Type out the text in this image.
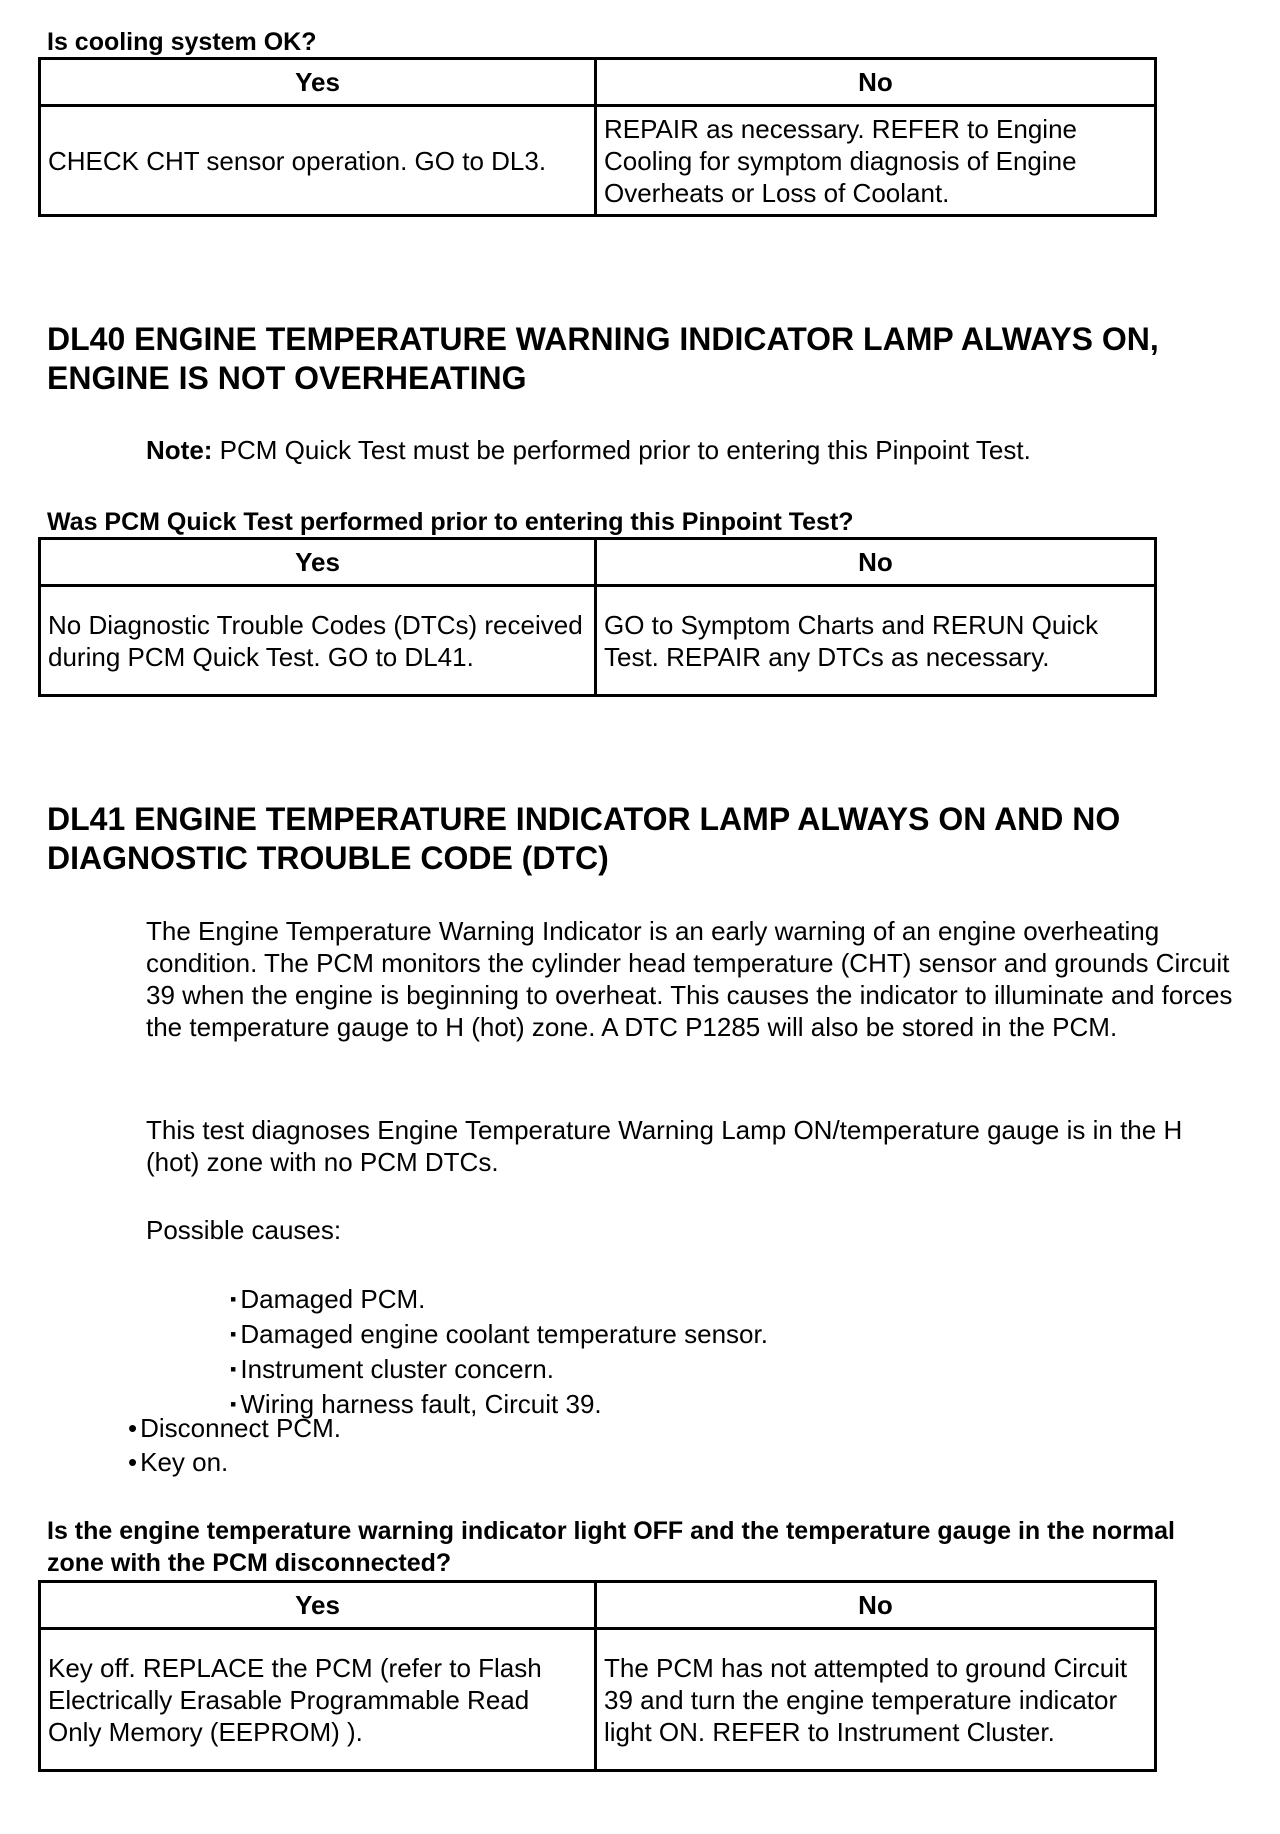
Is cooling system OK?
Yes	No
CHECK CHT sensor operation. GO to DL3.	REPAIR as necessary. REFER to Engine Cooling for symptom diagnosis of Engine Overheats or Loss of Coolant.
DL40 ENGINE TEMPERATURE WARNING INDICATOR LAMP ALWAYS ON, ENGINE IS NOT OVERHEATING
Note: PCM Quick Test must be performed prior to entering this Pinpoint Test.
Was PCM Quick Test performed prior to entering this Pinpoint Test?
Yes	No
No Diagnostic Trouble Codes (DTCs) received during PCM Quick Test. GO to DL41.	GO to Symptom Charts and RERUN Quick Test. REPAIR any DTCs as necessary.
DL41 ENGINE TEMPERATURE INDICATOR LAMP ALWAYS ON AND NO DIAGNOSTIC TROUBLE CODE (DTC)
The Engine Temperature Warning Indicator is an early warning of an engine overheating condition. The PCM monitors the cylinder head temperature (CHT) sensor and grounds Circuit 39 when the engine is beginning to overheat. This causes the indicator to illuminate and forces the temperature gauge to H (hot) zone. A DTC P1285 will also be stored in the PCM.
This test diagnoses Engine Temperature Warning Lamp ON/temperature gauge is in the H (hot) zone with no PCM DTCs.
Possible causes:
▪ Damaged PCM.
▪ Damaged engine coolant temperature sensor.
▪ Instrument cluster concern.
▪ Wiring harness fault, Circuit 39.
• Disconnect PCM.
• Key on.
Is the engine temperature warning indicator light OFF and the temperature gauge in the normal zone with the PCM disconnected?
Yes	No
Key off. REPLACE the PCM (refer to Flash Electrically Erasable Programmable Read Only Memory (EEPROM) ).	The PCM has not attempted to ground Circuit 39 and turn the engine temperature indicator light ON. REFER to Instrument Cluster.
